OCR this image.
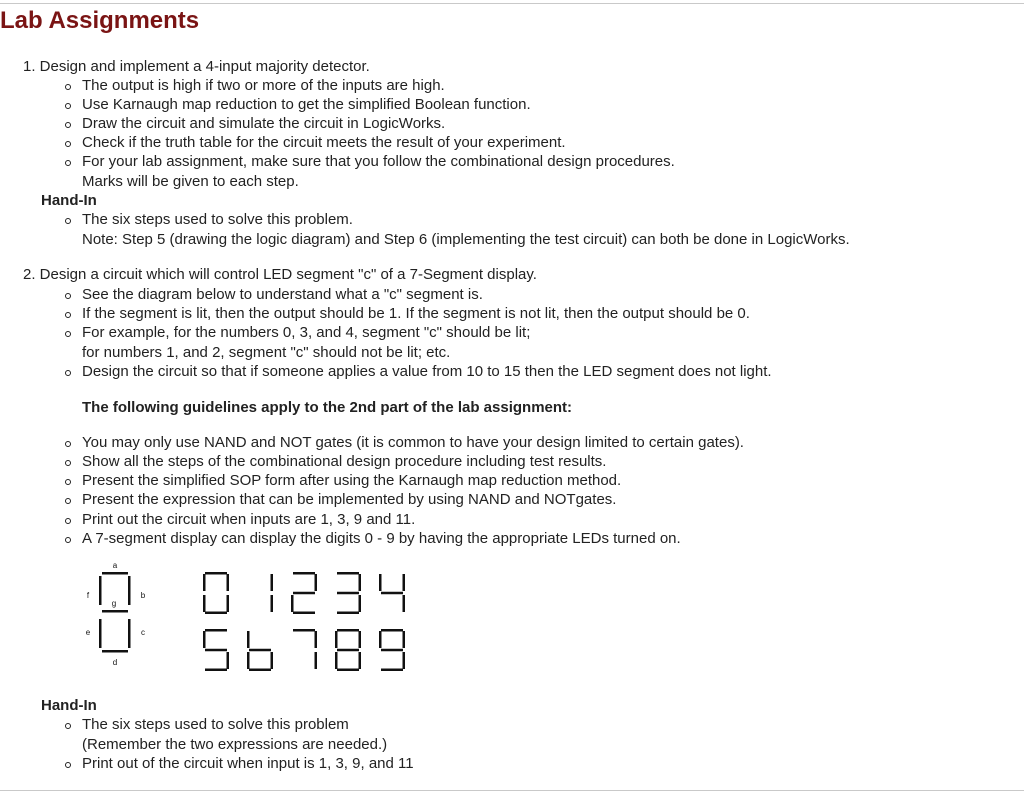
Lab Assignments
1. Design and implement a 4-input majority detector.
The output is high if two or more of the inputs are high.
Use Karnaugh map reduction to get the simplified Boolean function.
Draw the circuit and simulate the circuit in LogicWorks.
Check if the truth table for the circuit meets the result of your experiment.
For your lab assignment, make sure that you follow the combinational design procedures.
Marks will be given to each step.
Hand-In
The six steps used to solve this problem.
Note: Step 5 (drawing the logic diagram) and Step 6 (implementing the test circuit) can both be done in LogicWorks.
2. Design a circuit which will control LED segment "c" of a 7-Segment display.
See the diagram below to understand what a "c" segment is.
If the segment is lit, then the output should be 1. If the segment is not lit, then the output should be 0.
For example, for the numbers 0, 3, and 4, segment "c" should be lit;
for numbers 1, and 2, segment "c" should not be lit; etc.
Design the circuit so that if someone applies a value from 10 to 15 then the LED segment does not light.
The following guidelines apply to the 2nd part of the lab assignment:
You may only use NAND and NOT gates (it is common to have your design limited to certain gates).
Show all the steps of the combinational design procedure including test results.
Present the simplified SOP form after using the Karnaugh map reduction method.
Present the expression that can be implemented by using NAND and NOTgates.
Print out the circuit when inputs are 1, 3, 9 and 11.
A 7-segment display can display the digits 0 - 9 by having the appropriate LEDs turned on.
a
b
c
d
e
f
g
Hand-In
The six steps used to solve this problem
(Remember the two expressions are needed.)
Print out of the circuit when input is 1, 3, 9, and 11
